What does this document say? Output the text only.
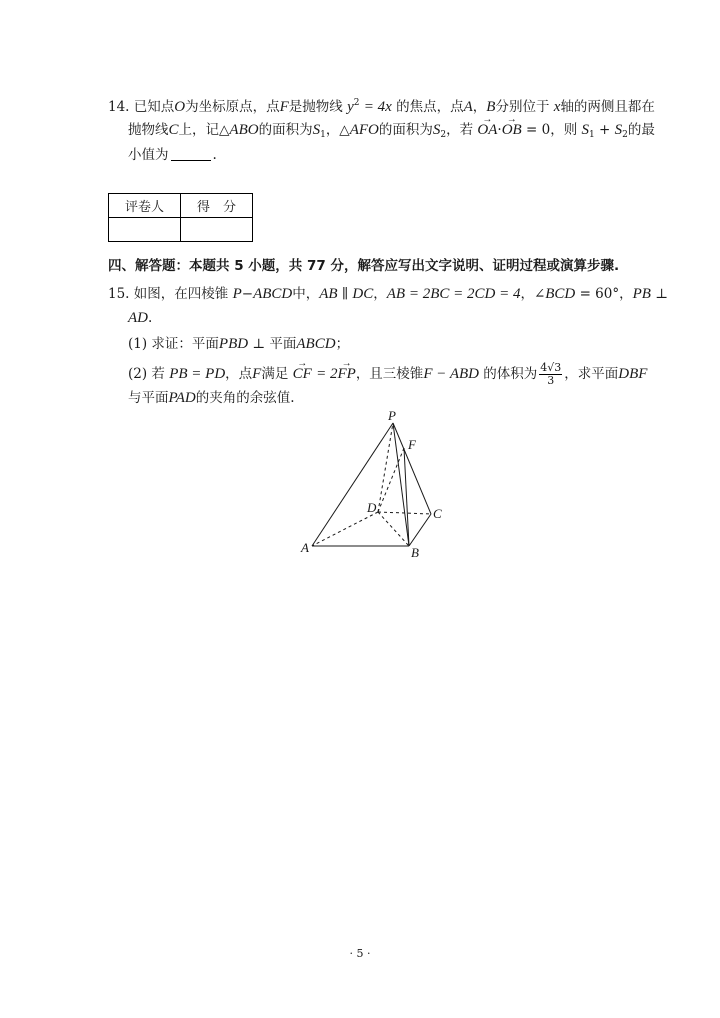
14. 已知点O为坐标原点，点F是抛物线 $y^2 = 4x$ 的焦点，点A，B分别位于 x轴的两侧且都在
抛物线C上，记△ABO的面积为$S_1$，△AFO的面积为$S_2$，若 → OA·→ OB = 0，则 $S_1 + S_2$的最
小值为	.
评卷人	得　分

四、解答题：本题共 5 小题，共 77 分，解答应写出文字说明、证明过程或演算步骤.
15. 如图，在四棱锥 P−ABCD中，AB ∥ DC，AB = 2BC = 2CD = 4，∠BCD = 60°，PB ⊥
AD.
(1) 求证：平面PBD ⊥ 平面ABCD；
(2) 若 PB = PD，点F满足 → CF = 2→ FP，且三棱锥F − ABD 的体积为 $\frac{4√3}{3}$ ，求平面DBF
与平面PAD的夹角的余弦值.
P
F
D	C
A	B
· 5 ·
